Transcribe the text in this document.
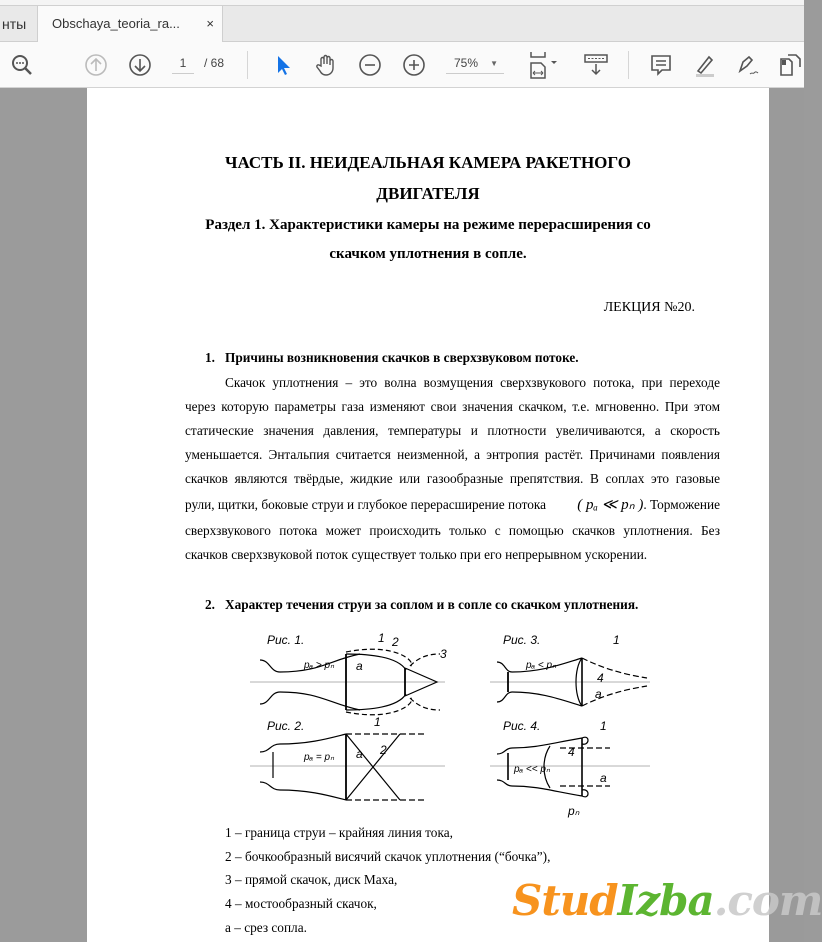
нты	Obschaya_teoria_ra... ×
1	/ 68	75% ▼
ЧАСТЬ II. НЕИДЕАЛЬНАЯ КАМЕРА РАКЕТНОГО
ДВИГАТЕЛЯ
Раздел 1. Характеристики камеры на режиме перерасширения со
скачком уплотнения в сопле.
ЛЕКЦИЯ №20.
1. Причины возникновения скачков в сверхзвуковом потоке.
Скачок уплотнения – это волна возмущения сверхзвукового потока, при переходе
через которую параметры газа изменяют свои значения скачком, т.е. мгновенно. При этом
статические значения давления, температуры и плотности увеличиваются, а скорость
уменьшается. Энтальпия считается неизменной, а энтропия растёт. Причинами появления
скачков являются твёрдые, жидкие или газообразные препятствия. В соплах это газовые
рули, щитки, боковые струи и глубокое перерасширение потока ( pₐ ≪ pₙ ). Торможение
сверхзвукового потока может происходить только с помощью скачков уплотнения. Без
скачков сверхзвуковой поток существует только при его непрерывном ускорении.
2. Характер течения струи за соплом и в сопле со скачком уплотнения.
Рис. 1.
pₐ > pₙ a
1 2
3
Рис. 2.
pₐ = pₙ a
1
2
Рис. 3.
pₐ < pₙ
4
a
1
Рис. 4.
pₐ << pₙ
4
1
a
pₙ
1 – граница струи – крайняя линия тока,
2 – бочкообразный висячий скачок уплотнения (“бочка”),
3 – прямой скачок, диск Маха,
4 – мостообразный скачок,
a – срез сопла.
StudIzba.com
